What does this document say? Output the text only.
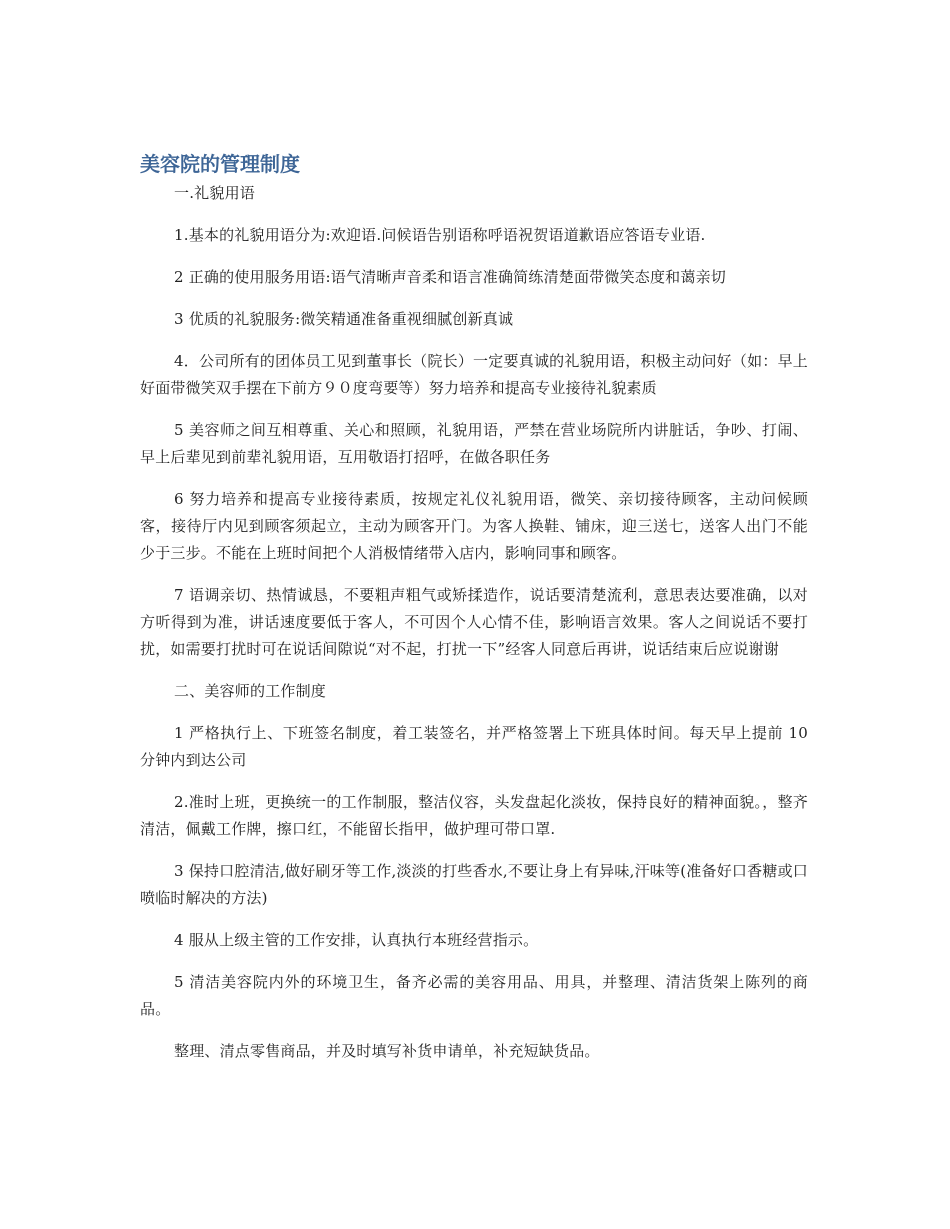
美容院的管理制度
一.礼貌用语
1.基本的礼貌用语分为:欢迎语.问候语告别语称呼语祝贺语道歉语应答语专业语.
2 正确的使用服务用语:语气清晰声音柔和语言准确简练清楚面带微笑态度和蔼亲切
3 优质的礼貌服务:微笑精通准备重视细腻创新真诚
4．公司所有的团体员工见到董事长（院长）一定要真诚的礼貌用语，积极主动问好（如：早上好面带微笑双手摆在下前方９０度弯要等）努力培养和提高专业接待礼貌素质
5 美容师之间互相尊重、关心和照顾，礼貌用语，严禁在营业场院所内讲脏话，争吵、打闹、早上后辈见到前辈礼貌用语，互用敬语打招呼，在做各职任务
6 努力培养和提高专业接待素质，按规定礼仪礼貌用语，微笑、亲切接待顾客，主动问候顾客，接待厅内见到顾客须起立，主动为顾客开门。为客人换鞋、铺床，迎三送七，送客人出门不能少于三步。不能在上班时间把个人消极情绪带入店内，影响同事和顾客。
7 语调亲切、热情诚恳，不要粗声粗气或矫揉造作，说话要清楚流利，意思表达要准确，以对方听得到为准，讲话速度要低于客人，不可因个人心情不佳，影响语言效果。客人之间说话不要打扰，如需要打扰时可在说话间隙说“对不起，打扰一下”经客人同意后再讲，说话结束后应说谢谢
二、美容师的工作制度
1 严格执行上、下班签名制度，着工装签名，并严格签署上下班具体时间。每天早上提前 10 分钟内到达公司
2.准时上班，更换统一的工作制服，整洁仪容，头发盘起化淡妆，保持良好的精神面貌。，整齐清洁，佩戴工作牌，擦口红，不能留长指甲，做护理可带口罩.
3 保持口腔清洁,做好刷牙等工作,淡淡的打些香水,不要让身上有异味,汗味等(准备好口香糖或口喷临时解决的方法)
4 服从上级主管的工作安排，认真执行本班经营指示。
5 清洁美容院内外的环境卫生，备齐必需的美容用品、用具，并整理、清洁货架上陈列的商品。
整理、清点零售商品，并及时填写补货申请单，补充短缺货品。
